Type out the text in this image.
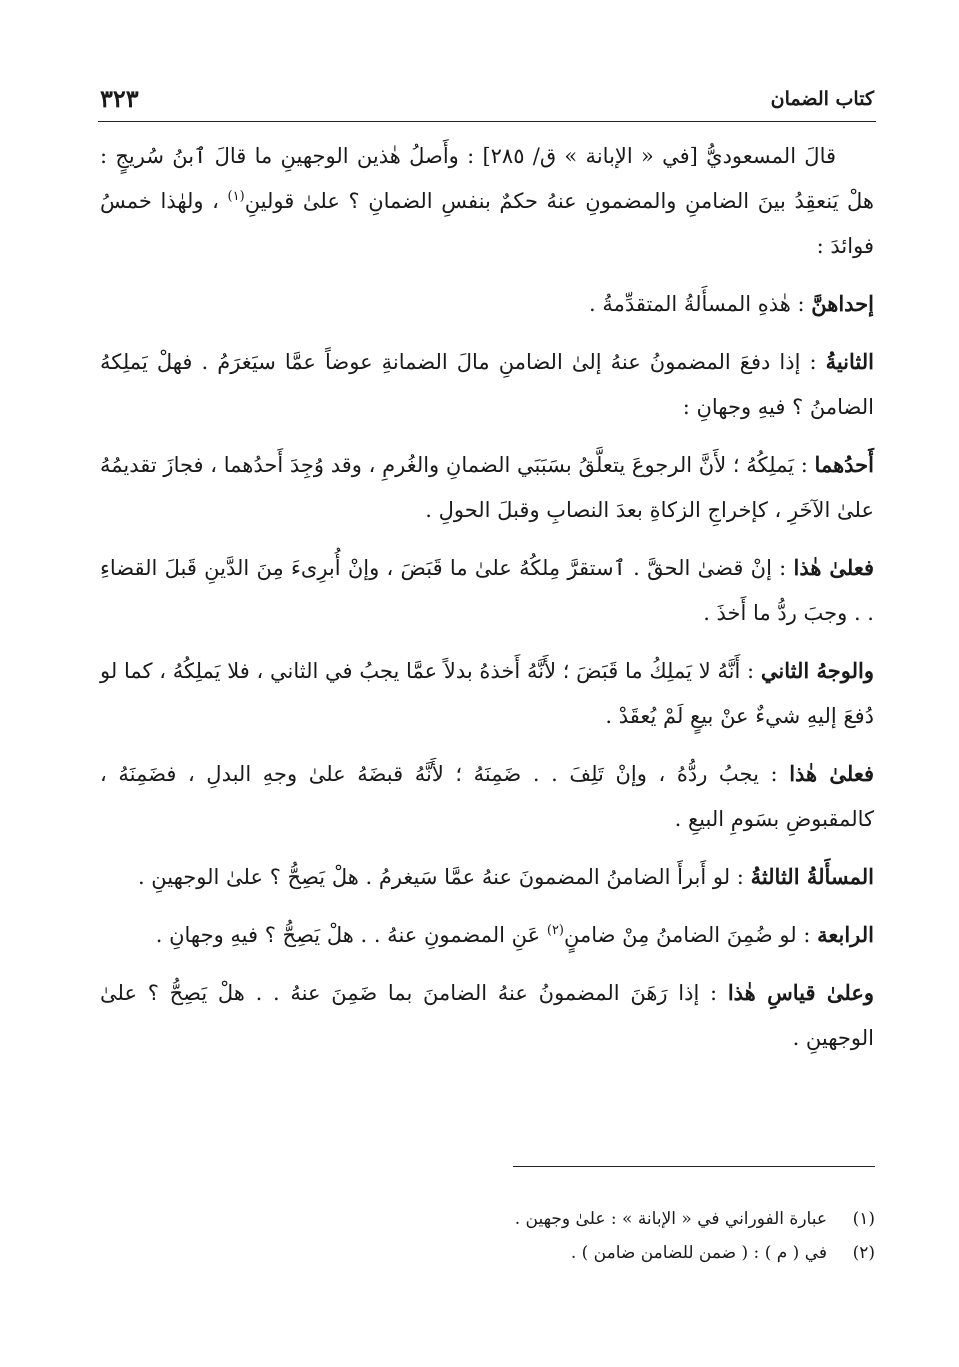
كتاب الضمان
٣٢٣

قالَ المسعوديُّ [في « الإبانة » ق/ ٢٨٥] : وأَصلُ هٰذين الوجهينِ ما قالَ ٱبنُ سُريجٍ : هلْ يَنعقِدُ بينَ الضامنِ والمضمونِ عنهُ حكمٌ بنفسِ الضمانِ ؟ علىٰ قولينِ$^{(١)}$ ، ولهٰذا خمسُ فوائدَ :

إحداهنَّ : هٰذهِ المسأَلةُ المتقدِّمةُ .

الثانيةُ : إذا دفعَ المضمونُ عنهُ إلىٰ الضامنِ مالَ الضمانةِ عوضاً عمَّا سيَغرَمُ . فهلْ يَملِكهُ الضامنُ ؟ فيهِ وجهانِ :

أَحدُهما : يَملِكُهُ ؛ لأَنَّ الرجوعَ يتعلَّقُ بسَبَبَي الضمانِ والغُرمِ ، وقد وُجِدَ أَحدُهما ، فجازَ تقديمُهُ علىٰ الآخَرِ ، كإخراجِ الزكاةِ بعدَ النصابِ وقبلَ الحولِ .

فعلىٰ هٰذا : إنْ قضىٰ الحقَّ . ٱستقرَّ مِلكُهُ علىٰ ما قَبَضَ ، وإنْ أُبرِىءَ مِنَ الدَّينِ قَبلَ القضاءِ . . وجبَ ردُّ ما أَخذَ .

والوجهُ الثاني : أَنَّهُ لا يَملِكُ ما قَبَضَ ؛ لأَنَّهُ أَخذهُ بدلاً عمَّا يجبُ في الثاني ، فلا يَملِكُهُ ، كما لو دُفعَ إليهِ شيءٌ عنْ بيعٍ لَمْ يُعقَدْ .

فعلىٰ هٰذا : يجبُ ردُّهُ ، وإنْ تَلِفَ . . ضَمِنَهُ ؛ لأَنَّهُ قبضَهُ علىٰ وجهِ البدلِ ، فضَمِنَهُ ، كالمقبوضِ بسَومِ البيعِ .

المسأَلةُ الثالثةُ : لو أَبرأَ الضامنُ المضمونَ عنهُ عمَّا سَيغرمُ . هلْ يَصِحُّ ؟ علىٰ الوجهينِ .

الرابعة : لو ضُمِنَ الضامنُ مِنْ ضامنٍ$^{(٢)}$ عَنِ المضمونِ عنهُ . . هلْ يَصِحُّ ؟ فيهِ وجهانِ .

وعلىٰ قياسِ هٰذا : إذا رَهَنَ المضمونُ عنهُ الضامنَ بما ضَمِنَ عنهُ . . هلْ يَصِحُّ ؟ علىٰ الوجهينِ .

(١)عبارة الفوراني في « الإبانة » : علىٰ وجهين .
(٢)في ( م ) : ( ضمن للضامن ضامن ) .
